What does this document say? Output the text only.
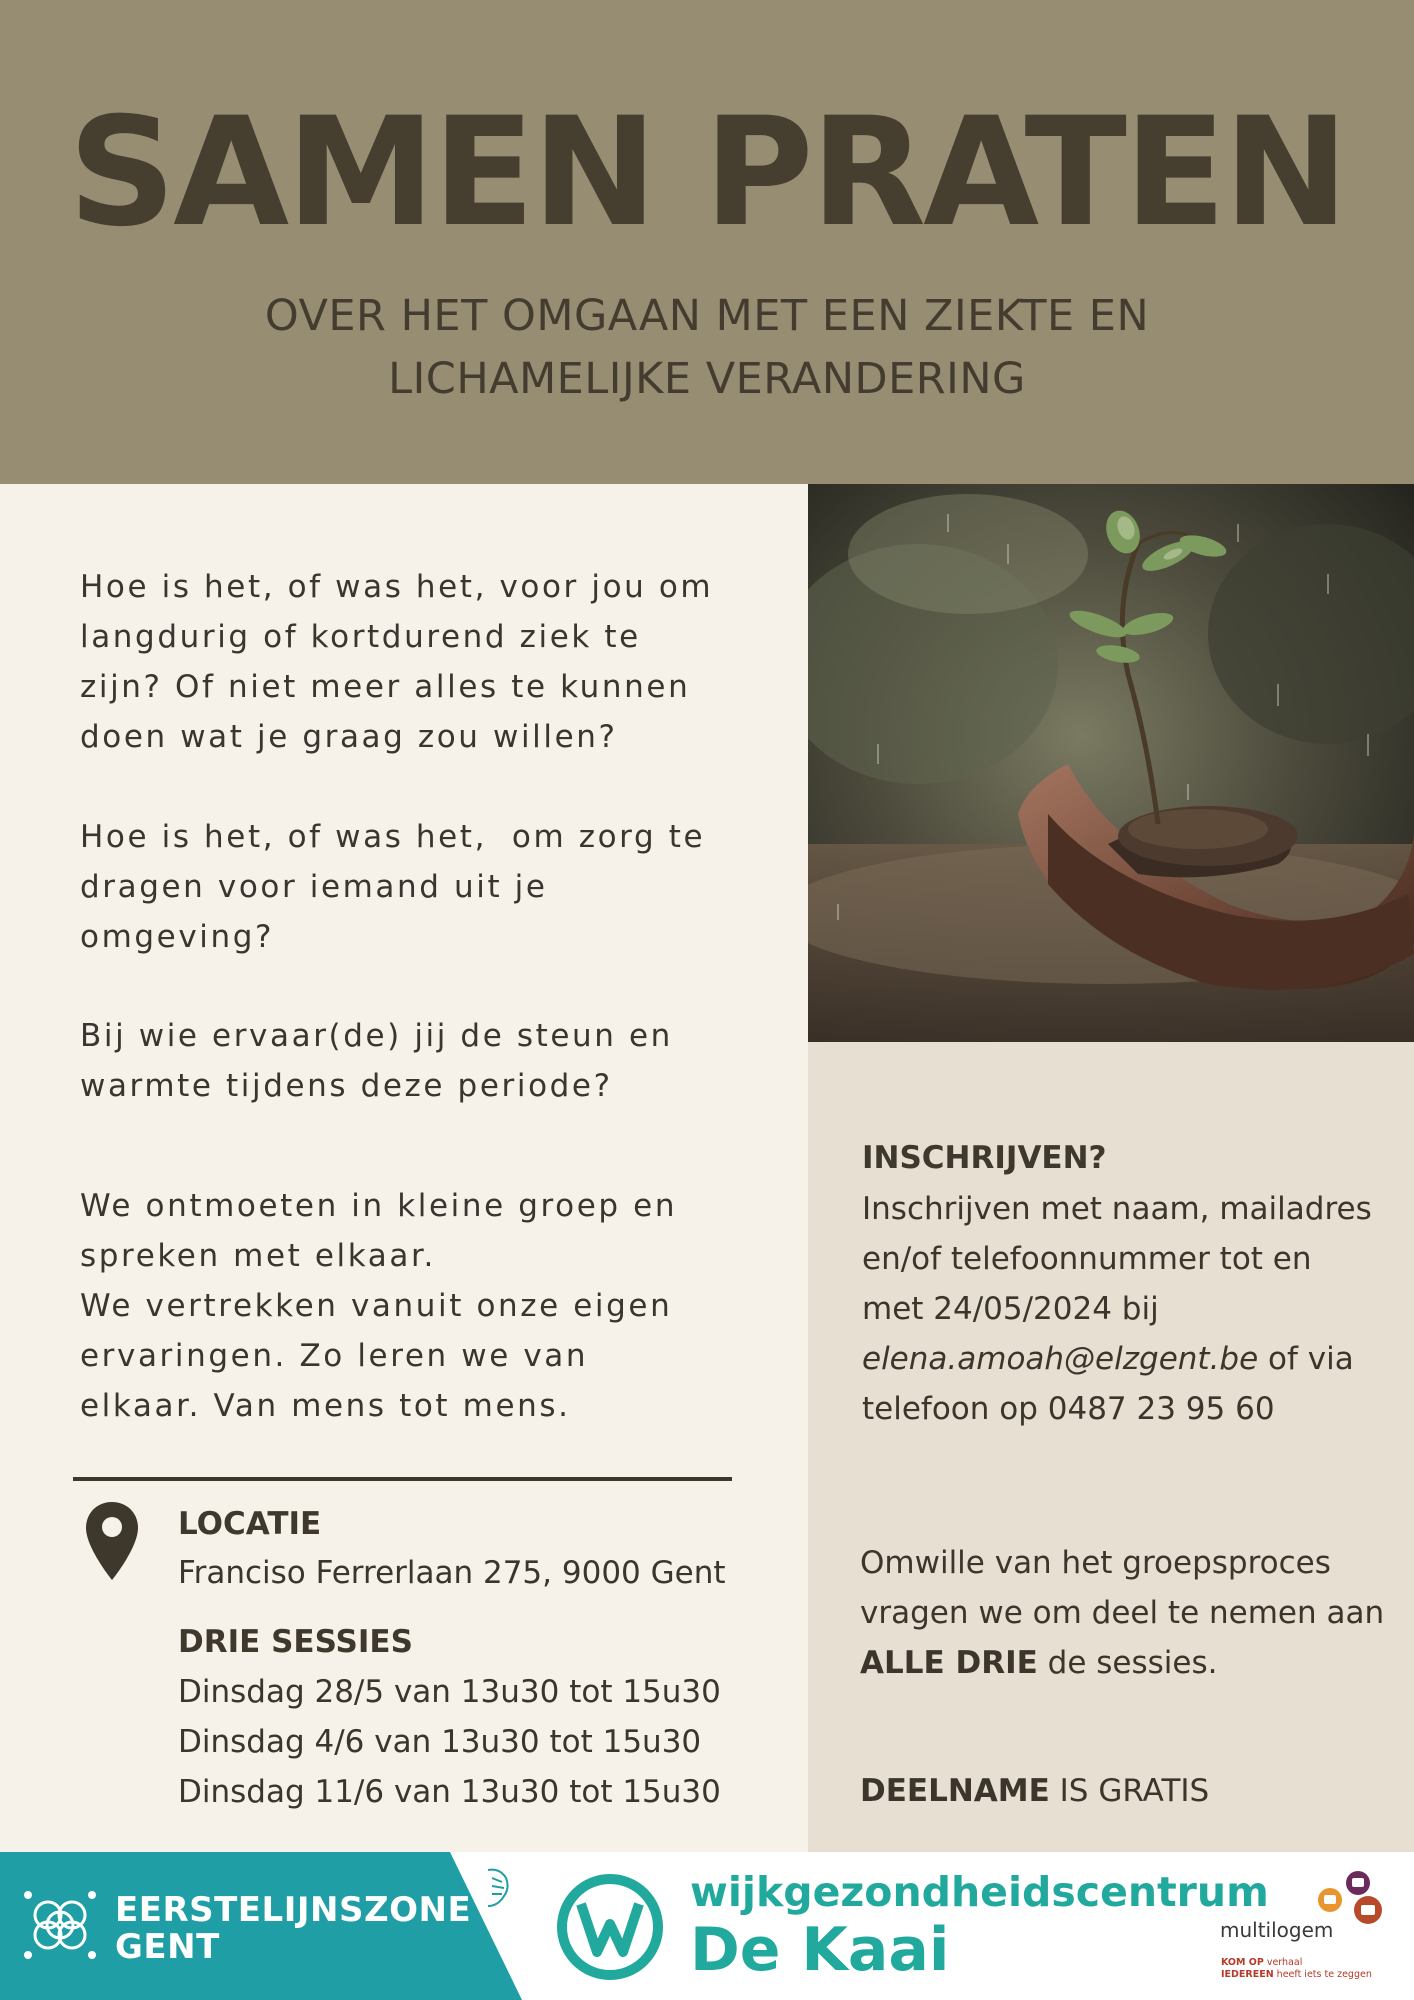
SAMEN PRATEN
OVER HET OMGAAN MET EEN ZIEKTE EN
LICHAMELIJKE VERANDERING
Hoe is het, of was het, voor jou om
langdurig of kortdurend ziek te
zijn? Of niet meer alles te kunnen
doen wat je graag zou willen?
Hoe is het, of was het,  om zorg te
dragen voor iemand uit je
omgeving?
Bij wie ervaar(de) jij de steun en
warmte tijdens deze periode?
We ontmoeten in kleine groep en
spreken met elkaar.
We vertrekken vanuit onze eigen
ervaringen. Zo leren we van
elkaar. Van mens tot mens.
LOCATIE
Franciso Ferrerlaan 275, 9000 Gent
DRIE SESSIES
Dinsdag 28/5 van 13u30 tot 15u30
Dinsdag 4/6 van 13u30 tot 15u30
Dinsdag 11/6 van 13u30 tot 15u30
INSCHRIJVEN?
Inschrijven met naam, mailadres en/of telefoonnummer tot en met 24/05/2024 bij elena.amoah@elzgent.be of via telefoon op 0487 23 95 60
Omwille van het groepsproces vragen we om deel te nemen aan ALLE DRIE de sessies.
DEELNAME IS GRATIS
EERSTELIJNSZONE
GENT
wijkgezondheidscentrum
De Kaai	multilogem
KOM OP verhaal
IEDEREEN heeft iets te zeggen
